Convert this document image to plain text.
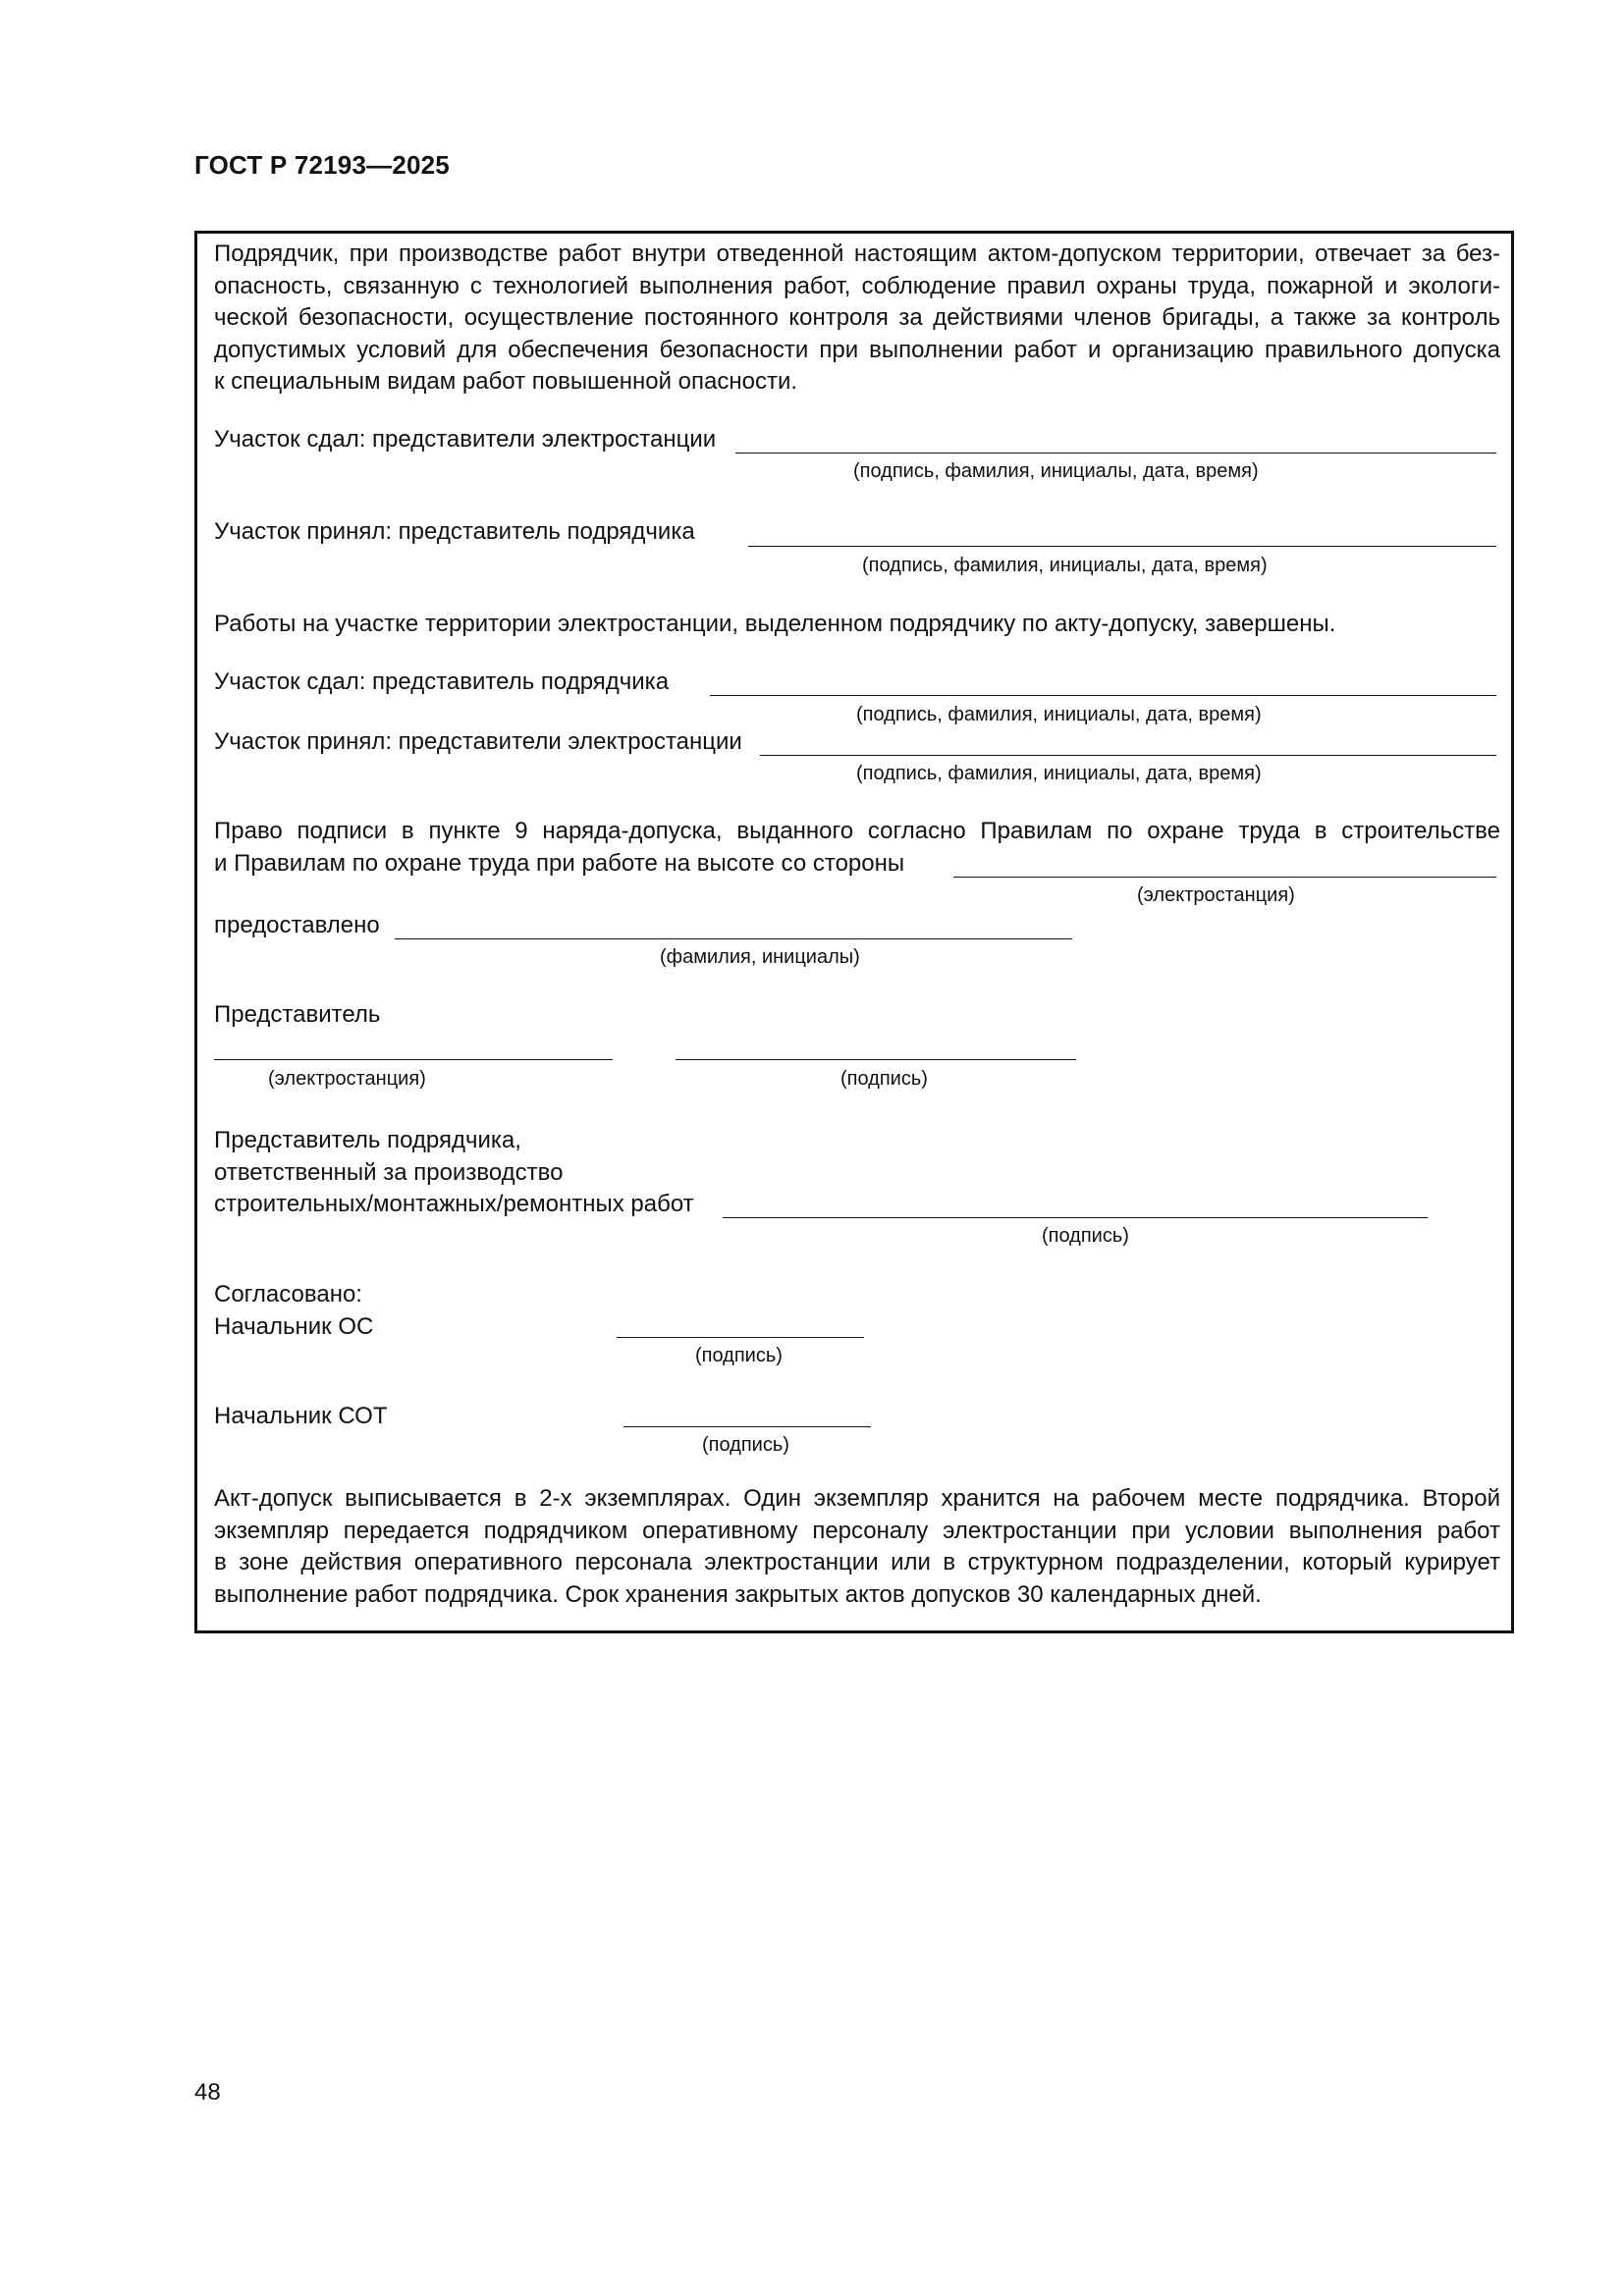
ГОСТ Р 72193—2025
Подрядчик, при производстве работ внутри отведенной настоящим актом-допуском территории, отвечает за без-
опасность, связанную с технологией выполнения работ, соблюдение правил охраны труда, пожарной и экологи-
ческой безопасности, осуществление постоянного контроля за действиями членов бригады, а также за контроль
допустимых условий для обеспечения безопасности при выполнении работ и организацию правильного допуска
к специальным видам работ повышенной опасности.
Участок сдал: представители электростанции
(подпись, фамилия, инициалы, дата, время)
Участок принял: представитель подрядчика
(подпись, фамилия, инициалы, дата, время)
Работы на участке территории электростанции, выделенном подрядчику по акту-допуску, завершены.
Участок сдал: представитель подрядчика
(подпись, фамилия, инициалы, дата, время)
Участок принял: представители электростанции
(подпись, фамилия, инициалы, дата, время)
Право подписи в пункте 9 наряда-допуска, выданного согласно Правилам по охране труда в строительстве
и Правилам по охране труда при работе на высоте со стороны
(электростанция)
предоставлено
(фамилия, инициалы)
Представитель
(электростанция)	(подпись)
Представитель подрядчика,
ответственный за производство
строительных/монтажных/ремонтных работ
(подпись)
Согласовано:
Начальник ОС
(подпись)
Начальник СОТ
(подпись)
Акт-допуск выписывается в 2-х экземплярах. Один экземпляр хранится на рабочем месте подрядчика. Второй
экземпляр передается подрядчиком оперативному персоналу электростанции при условии выполнения работ
в зоне действия оперативного персонала электростанции или в структурном подразделении, который курирует
выполнение работ подрядчика. Срок хранения закрытых актов допусков 30 календарных дней.
48
